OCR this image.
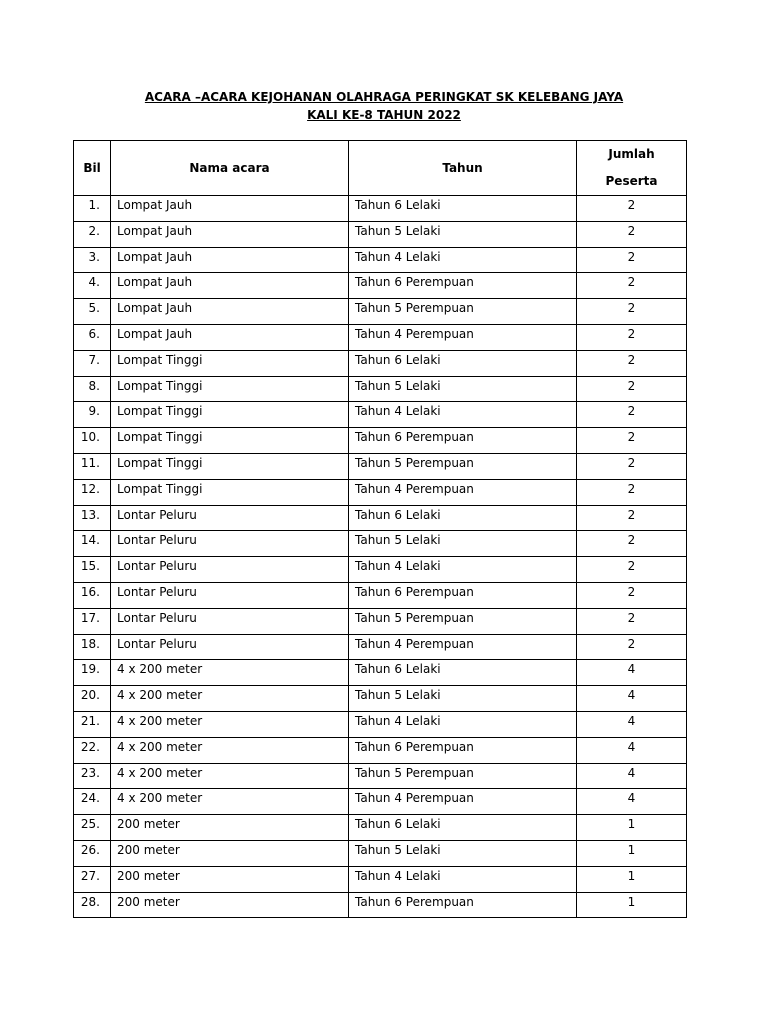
ACARA –ACARA KEJOHANAN OLAHRAGA PERINGKAT SK KELEBANG JAYA
KALI KE-8 TAHUN 2022
Bil	Nama acara	Tahun	Jumlah
Peserta
1.	Lompat Jauh	Tahun 6 Lelaki	2
2.	Lompat Jauh	Tahun 5 Lelaki	2
3.	Lompat Jauh	Tahun 4 Lelaki	2
4.	Lompat Jauh	Tahun 6 Perempuan	2
5.	Lompat Jauh	Tahun 5 Perempuan	2
6.	Lompat Jauh	Tahun 4 Perempuan	2
7.	Lompat Tinggi	Tahun 6 Lelaki	2
8.	Lompat Tinggi	Tahun 5 Lelaki	2
9.	Lompat Tinggi	Tahun 4 Lelaki	2
10.	Lompat Tinggi	Tahun 6 Perempuan	2
11.	Lompat Tinggi	Tahun 5 Perempuan	2
12.	Lompat Tinggi	Tahun 4 Perempuan	2
13.	Lontar Peluru	Tahun 6 Lelaki	2
14.	Lontar Peluru	Tahun 5 Lelaki	2
15.	Lontar Peluru	Tahun 4 Lelaki	2
16.	Lontar Peluru	Tahun 6 Perempuan	2
17.	Lontar Peluru	Tahun 5 Perempuan	2
18.	Lontar Peluru	Tahun 4 Perempuan	2
19.	4 x 200 meter	Tahun 6 Lelaki	4
20.	4 x 200 meter	Tahun 5 Lelaki	4
21.	4 x 200 meter	Tahun 4 Lelaki	4
22.	4 x 200 meter	Tahun 6 Perempuan	4
23.	4 x 200 meter	Tahun 5 Perempuan	4
24.	4 x 200 meter	Tahun 4 Perempuan	4
25.	200 meter	Tahun 6 Lelaki	1
26.	200 meter	Tahun 5 Lelaki	1
27.	200 meter	Tahun 4 Lelaki	1
28.	200 meter	Tahun 6 Perempuan	1
